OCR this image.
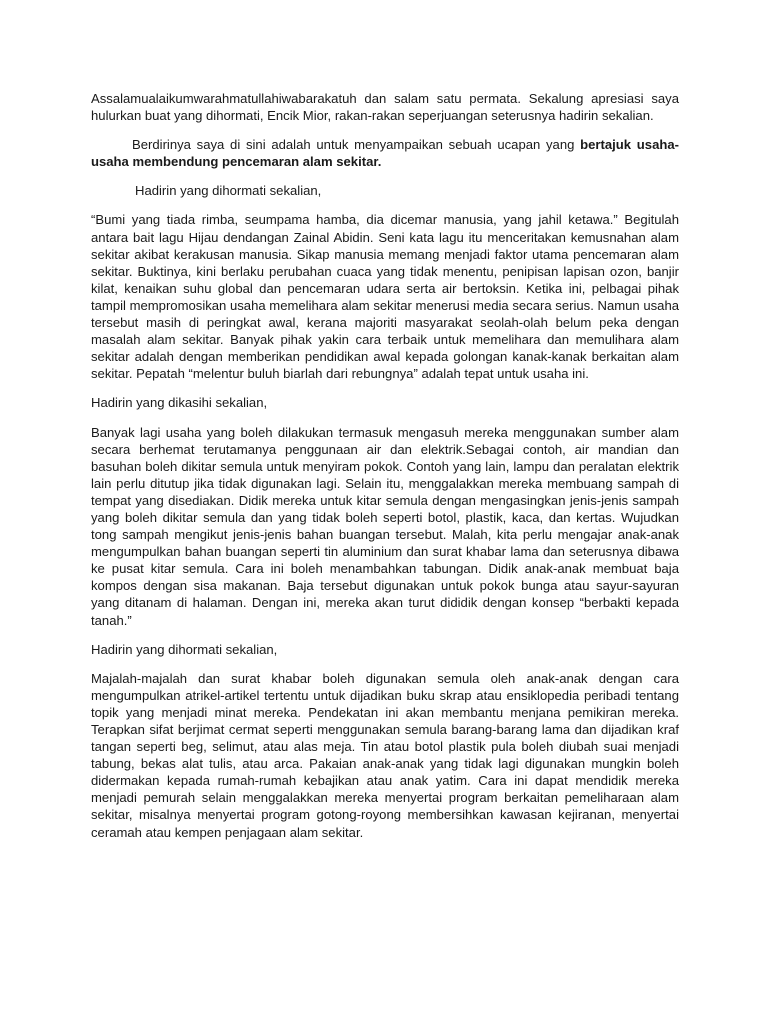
Assalamualaikumwarahmatullahiwabarakatuh dan salam satu permata. Sekalung apresiasi saya hulurkan buat yang dihormati, Encik Mior, rakan-rakan seperjuangan seterusnya hadirin sekalian.

Berdirinya saya di sini adalah untuk menyampaikan sebuah ucapan yang bertajuk usaha-usaha membendung pencemaran alam sekitar.

Hadirin yang dihormati sekalian,

“Bumi yang tiada rimba, seumpama hamba, dia dicemar manusia, yang jahil ketawa.” Begitulah antara bait lagu Hijau dendangan Zainal Abidin. Seni kata lagu itu menceritakan kemusnahan alam sekitar akibat kerakusan manusia. Sikap manusia memang menjadi faktor utama pencemaran alam sekitar. Buktinya, kini berlaku perubahan cuaca yang tidak menentu, penipisan lapisan ozon, banjir kilat, kenaikan suhu global dan pencemaran udara serta air bertoksin. Ketika ini, pelbagai pihak tampil mempromosikan usaha memelihara alam sekitar menerusi media secara serius. Namun usaha tersebut masih di peringkat awal, kerana majoriti masyarakat seolah-olah belum peka dengan masalah alam sekitar. Banyak pihak yakin cara terbaik untuk memelihara dan memulihara alam sekitar adalah dengan memberikan pendidikan awal kepada golongan kanak-kanak berkaitan alam sekitar. Pepatah “melentur buluh biarlah dari rebungnya” adalah tepat untuk usaha ini.

Hadirin yang dikasihi sekalian,

Banyak lagi usaha yang boleh dilakukan termasuk mengasuh mereka menggunakan sumber alam secara berhemat terutamanya penggunaan air dan elektrik.Sebagai contoh, air mandian dan basuhan boleh dikitar semula untuk menyiram pokok. Contoh yang lain, lampu dan peralatan elektrik lain perlu ditutup jika tidak digunakan lagi. Selain itu, menggalakkan mereka membuang sampah di tempat yang disediakan. Didik mereka untuk kitar semula dengan mengasingkan jenis-jenis sampah yang boleh dikitar semula dan yang tidak boleh seperti botol, plastik, kaca, dan kertas. Wujudkan tong sampah mengikut jenis-jenis bahan buangan tersebut. Malah, kita perlu mengajar anak-anak mengumpulkan bahan buangan seperti tin aluminium dan surat khabar lama dan seterusnya dibawa ke pusat kitar semula. Cara ini boleh menambahkan tabungan. Didik anak-anak membuat baja kompos dengan sisa makanan. Baja tersebut digunakan untuk pokok bunga atau sayur-sayuran yang ditanam di halaman. Dengan ini, mereka akan turut dididik dengan konsep “berbakti kepada tanah.”

Hadirin yang dihormati sekalian,

Majalah-majalah dan surat khabar boleh digunakan semula oleh anak-anak dengan cara mengumpulkan atrikel-artikel tertentu untuk dijadikan buku skrap atau ensiklopedia peribadi tentang topik yang menjadi minat mereka. Pendekatan ini akan membantu menjana pemikiran mereka. Terapkan sifat berjimat cermat seperti menggunakan semula barang-barang lama dan dijadikan kraf tangan seperti beg, selimut, atau alas meja. Tin atau botol plastik pula boleh diubah suai menjadi tabung, bekas alat tulis, atau arca. Pakaian anak-anak yang tidak lagi digunakan mungkin boleh didermakan kepada rumah-rumah kebajikan atau anak yatim. Cara ini dapat mendidik mereka menjadi pemurah selain menggalakkan mereka menyertai program berkaitan pemeliharaan alam sekitar, misalnya menyertai program gotong-royong membersihkan kawasan kejiranan, menyertai ceramah atau kempen penjagaan alam sekitar.
